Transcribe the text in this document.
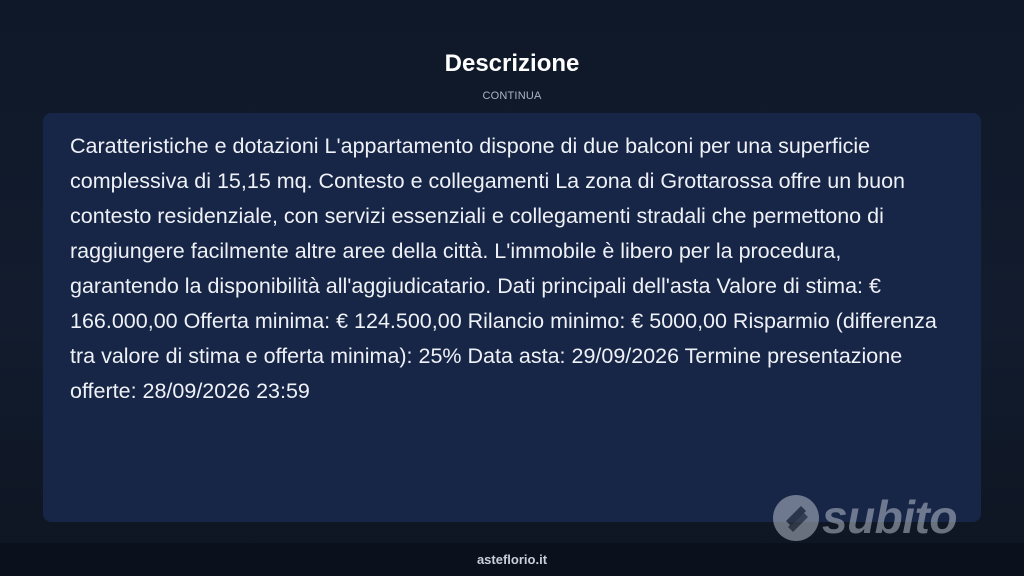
Descrizione
CONTINUA

Caratteristiche e dotazioni L'appartamento dispone di due balconi per una superficie complessiva di 15,15 mq. Contesto e collegamenti La zona di Grottarossa offre un buon contesto residenziale, con servizi essenziali e collegamenti stradali che permettono di raggiungere facilmente altre aree della città. L'immobile è libero per la procedura, garantendo la disponibilità all'aggiudicatario. Dati principali dell'asta Valore di stima: € 166.000,00 Offerta minima: € 124.500,00 Rilancio minimo: € 5000,00 Risparmio (differenza tra valore di stima e offerta minima): 25% Data asta: 29/09/2026 Termine presentazione offerte: 28/09/2026 23:59

asteflorio.it
subito
